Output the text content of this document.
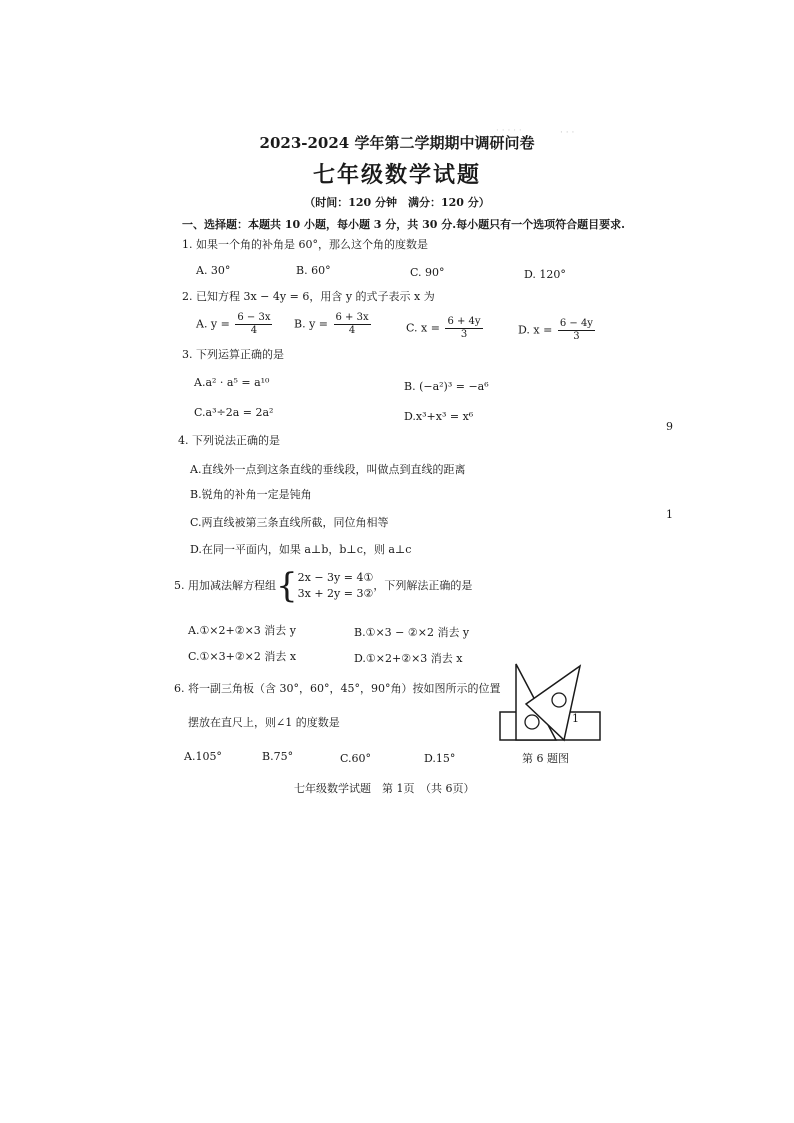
· · · · ·	· · ·
2023-2024 学年第二学期期中调研问卷
七年级数学试题
（时间：120 分钟　满分：120 分）
一、选择题：本题共 10 小题，每小题 3 分，共 30 分.每小题只有一个选项符合题目要求.
1. 如果一个角的补角是 60°，那么这个角的度数是
A. 30°	B. 60°	C. 90°	D. 120°
2. 已知方程 3x − 4y = 6，用含 y 的式子表示 x 为
A. $y = \frac{6 - 3x}{4} B$. $y = \frac{6 + 3x}{4}$	C. $x = \frac{6 + 4y}{3}$	D. $x = \frac{6 - 4y}{3}$
3. 下列运算正确的是
A.a² · a⁵ = a¹⁰	B. (−a²)³ = −a⁶
C.a³÷2a = 2a²	D.x³+x³ = x⁶
4. 下列说法正确的是
A.直线外一点到这条直线的垂线段，叫做点到直线的距离
B.锐角的补角一定是钝角
C.两直线被第三条直线所截，同位角相等
D.在同一平面内，如果 a⊥b，b⊥c，则 a⊥c
9
1
5. 用加减法解方程组{ 2x − 3y = 4①
3x + 2y = 3②
，下列解法正确的是
A.①×2+②×3 消去 y	B.①×3 − ②×2 消去 y
C.①×3+②×2 消去 x	D.①×2+②×3 消去 x
6. 将一副三角板（含 30°，60°，45°，90°角）按如图所示的位置
摆放在直尺上，则∠1 的度数是
A.105°	B.75°	C.60°	D.15°
1
第 6 题图
七年级数学试题　第 1页　（共 6页）
